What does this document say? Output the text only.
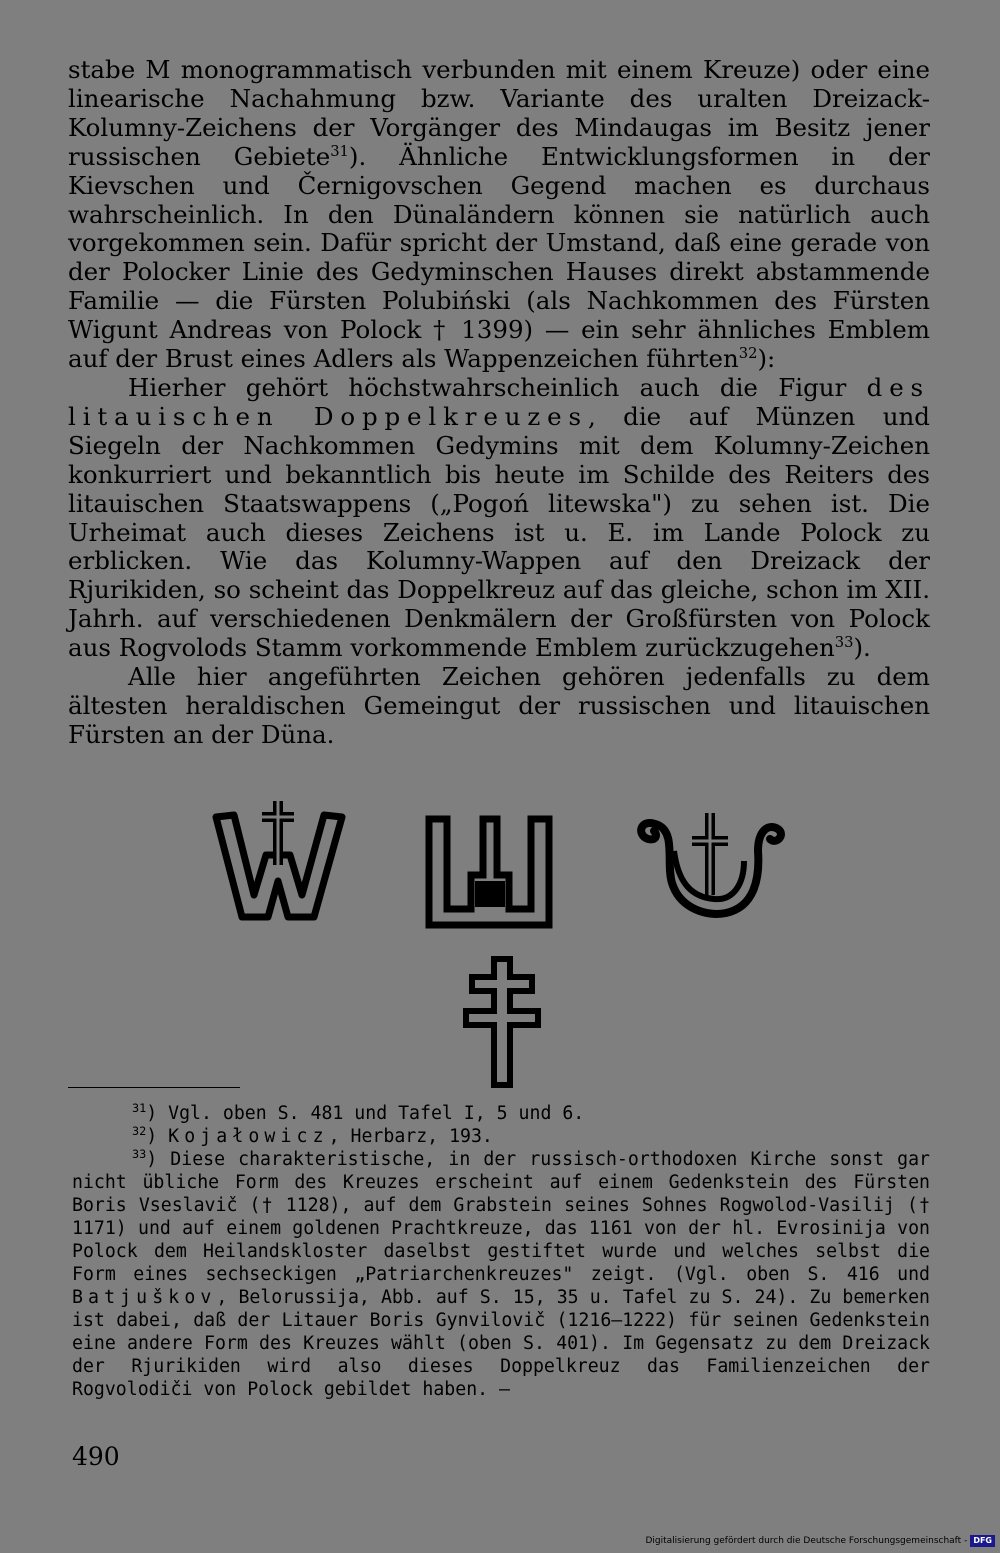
stabe M monogrammatisch verbunden mit einem Kreuze) oder eine linearische Nachahmung bzw. Variante des uralten Dreizack-Kolumny-Zeichens der Vorgänger des Mindaugas im Besitz jener russischen Gebiete$^{31}$). Ähnliche Entwicklungsformen in der Kievschen und Černigovschen Gegend machen es durchaus wahrscheinlich. In den Dünaländern können sie natürlich auch vorgekommen sein. Dafür spricht der Umstand, daß eine gerade von der Polocker Linie des Gedyminschen Hauses direkt abstammende Familie — die Fürsten Polubiński (als Nachkommen des Fürsten Wigunt Andreas von Polock † 1399) — ein sehr ähnliches Emblem auf der Brust eines Adlers als Wappenzeichen führten$^{32}$):

Hierher gehört höchstwahrscheinlich auch die Figur des litauischen Doppelkreuzes, die auf Münzen und Siegeln der Nachkommen Gedymins mit dem Kolumny-Zeichen konkurriert und bekanntlich bis heute im Schilde des Reiters des litauischen Staatswappens („Pogoń litewska") zu sehen ist. Die Urheimat auch dieses Zeichens ist u. E. im Lande Polock zu erblicken. Wie das Kolumny-Wappen auf den Dreizack der Rjurikiden, so scheint das Doppelkreuz auf das gleiche, schon im XII. Jahrh. auf verschiedenen Denkmälern der Großfürsten von Polock aus Rogvolods Stamm vorkommende Emblem zurückzugehen$^{33}$).

Alle hier angeführten Zeichen gehören jedenfalls zu dem ältesten heraldischen Gemeingut der russischen und litauischen Fürsten an der Düna.

$^{31}$) Vgl. oben S. 481 und Tafel I, 5 und 6.

$^{32}$) Kojałowicz, Herbarz, 193.

$^{33}$) Diese charakteristische, in der russisch-orthodoxen Kirche sonst gar nicht übliche Form des Kreuzes erscheint auf einem Gedenkstein des Fürsten Boris Vseslavič († 1128), auf dem Grabstein seines Sohnes Rogwolod-Vasilij († 1171) und auf einem goldenen Prachtkreuze, das 1161 von der hl. Evrosinija von Polock dem Heilandskloster daselbst gestiftet wurde und welches selbst die Form eines sechseckigen „Patriarchenkreuzes" zeigt. (Vgl. oben S. 416 und Batjuškov, Belorussija, Abb. auf S. 15, 35 u. Tafel zu S. 24). Zu bemerken ist dabei, daß der Litauer Boris Gynvilovič (1216—1222) für seinen Gedenkstein eine andere Form des Kreuzes wählt (oben S. 401). Im Gegensatz zu dem Dreizack der Rjurikiden wird also dieses Doppelkreuz das Familienzeichen der Rogvolodiči von Polock gebildet haben. —

490
Digitalisierung gefördert durch die Deutsche Forschungsgemeinschaft - DFG
